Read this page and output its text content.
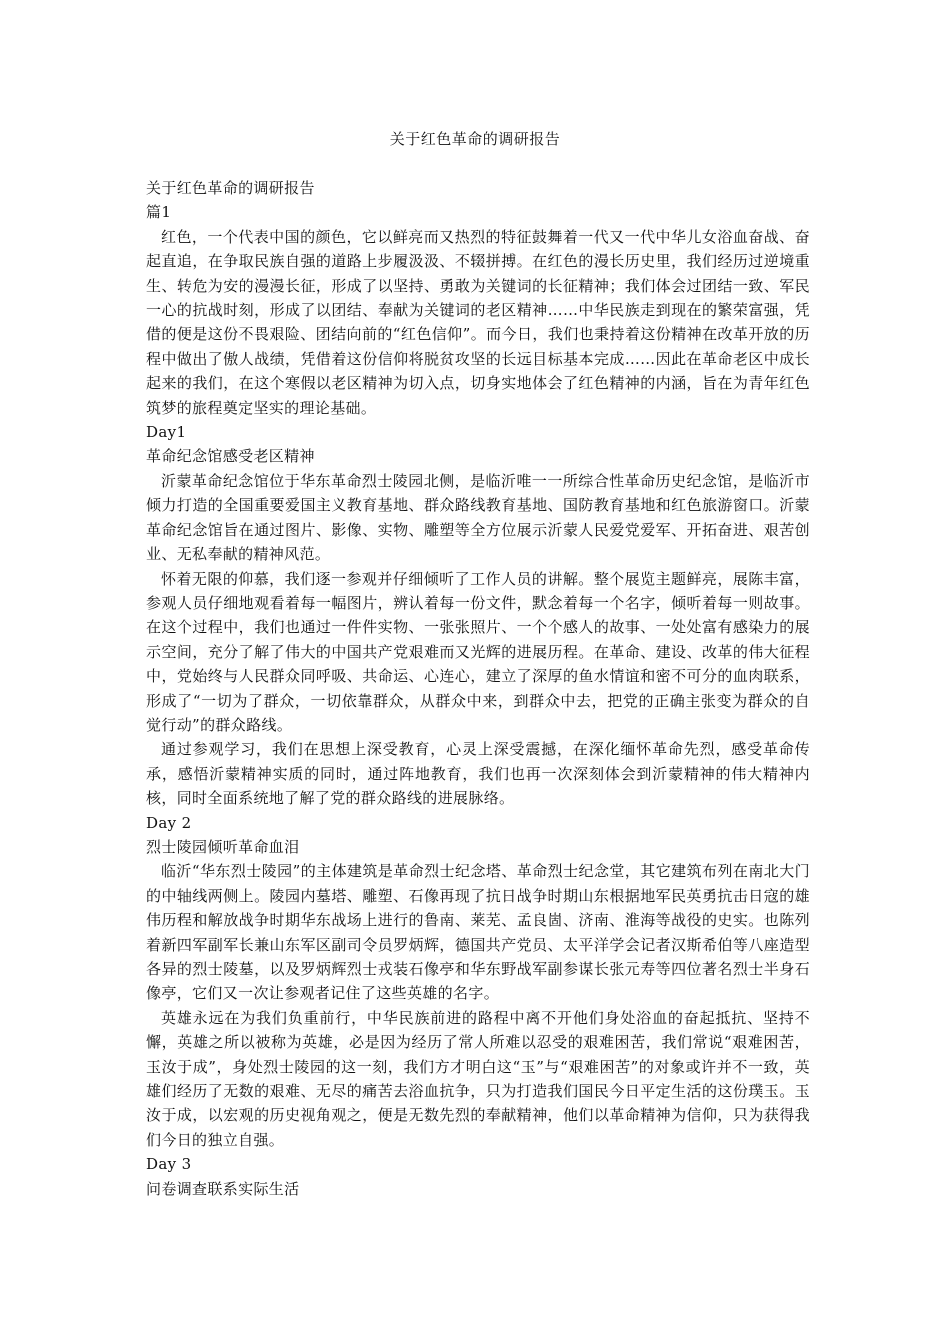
关于红色革命的调研报告

关于红色革命的调研报告

篇1

红色，一个代表中国的颜色，它以鲜亮而又热烈的特征鼓舞着一代又一代中华儿女浴血奋战、奋起直追，在争取民族自强的道路上步履汲汲、不辍拼搏。在红色的漫长历史里，我们经历过逆境重生、转危为安的漫漫长征，形成了以坚持、勇敢为关键词的长征精神；我们体会过团结一致、军民一心的抗战时刻，形成了以团结、奉献为关键词的老区精神……中华民族走到现在的繁荣富强，凭借的便是这份不畏艰险、团结向前的“红色信仰”。而今日，我们也秉持着这份精神在改革开放的历程中做出了傲人战绩，凭借着这份信仰将脱贫攻坚的长远目标基本完成……因此在革命老区中成长起来的我们，在这个寒假以老区精神为切入点，切身实地体会了红色精神的内涵，旨在为青年红色筑梦的旅程奠定坚实的理论基础。

Day1

革命纪念馆感受老区精神

沂蒙革命纪念馆位于华东革命烈士陵园北侧，是临沂唯一一所综合性革命历史纪念馆，是临沂市倾力打造的全国重要爱国主义教育基地、群众路线教育基地、国防教育基地和红色旅游窗口。沂蒙革命纪念馆旨在通过图片、影像、实物、雕塑等全方位展示沂蒙人民爱党爱军、开拓奋进、艰苦创业、无私奉献的精神风范。

怀着无限的仰慕，我们逐一参观并仔细倾听了工作人员的讲解。整个展览主题鲜亮，展陈丰富，参观人员仔细地观看着每一幅图片，辨认着每一份文件，默念着每一个名字，倾听着每一则故事。在这个过程中，我们也通过一件件实物、一张张照片、一个个感人的故事、一处处富有感染力的展示空间，充分了解了伟大的中国共产党艰难而又光辉的进展历程。在革命、建设、改革的伟大征程中，党始终与人民群众同呼吸、共命运、心连心，建立了深厚的鱼水情谊和密不可分的血肉联系， 形成了“一切为了群众，一切依靠群众，从群众中来，到群众中去，把党的正确主张变为群众的自觉行动”的群众路线。

通过参观学习，我们在思想上深受教育，心灵上深受震撼，在深化缅怀革命先烈，感受革命传承，感悟沂蒙精神实质的同时，通过阵地教育，我们也再一次深刻体会到沂蒙精神的伟大精神内核，同时全面系统地了解了党的群众路线的进展脉络。

Day 2

烈士陵园倾听革命血泪

临沂“华东烈士陵园”的主体建筑是革命烈士纪念塔、革命烈士纪念堂，其它建筑布列在南北大门的中轴线两侧上。陵园内墓塔、雕塑、石像再现了抗日战争时期山东根据地军民英勇抗击日寇的雄伟历程和解放战争时期华东战场上进行的鲁南、莱芜、孟良崮、济南、淮海等战役的史实。也陈列着新四军副军长兼山东军区副司令员罗炳辉，德国共产党员、太平洋学会记者汉斯希伯等八座造型各异的烈士陵墓，以及罗炳辉烈士戎装石像亭和华东野战军副参谋长张元寿等四位著名烈士半身石像亭，它们又一次让参观者记住了这些英雄的名字。

英雄永远在为我们负重前行，中华民族前进的路程中离不开他们身处浴血的奋起抵抗、坚持不懈，英雄之所以被称为英雄，必是因为经历了常人所难以忍受的艰难困苦，我们常说“艰难困苦，玉汝于成”，身处烈士陵园的这一刻，我们方才明白这“玉”与“艰难困苦”的对象或许并不一致，英雄们经历了无数的艰难、无尽的痛苦去浴血抗争，只为打造我们国民今日平定生活的这份璞玉。玉汝于成，以宏观的历史视角观之，便是无数先烈的奉献精神，他们以革命精神为信仰，只为获得我们今日的独立自强。

Day 3

问卷调查联系实际生活
